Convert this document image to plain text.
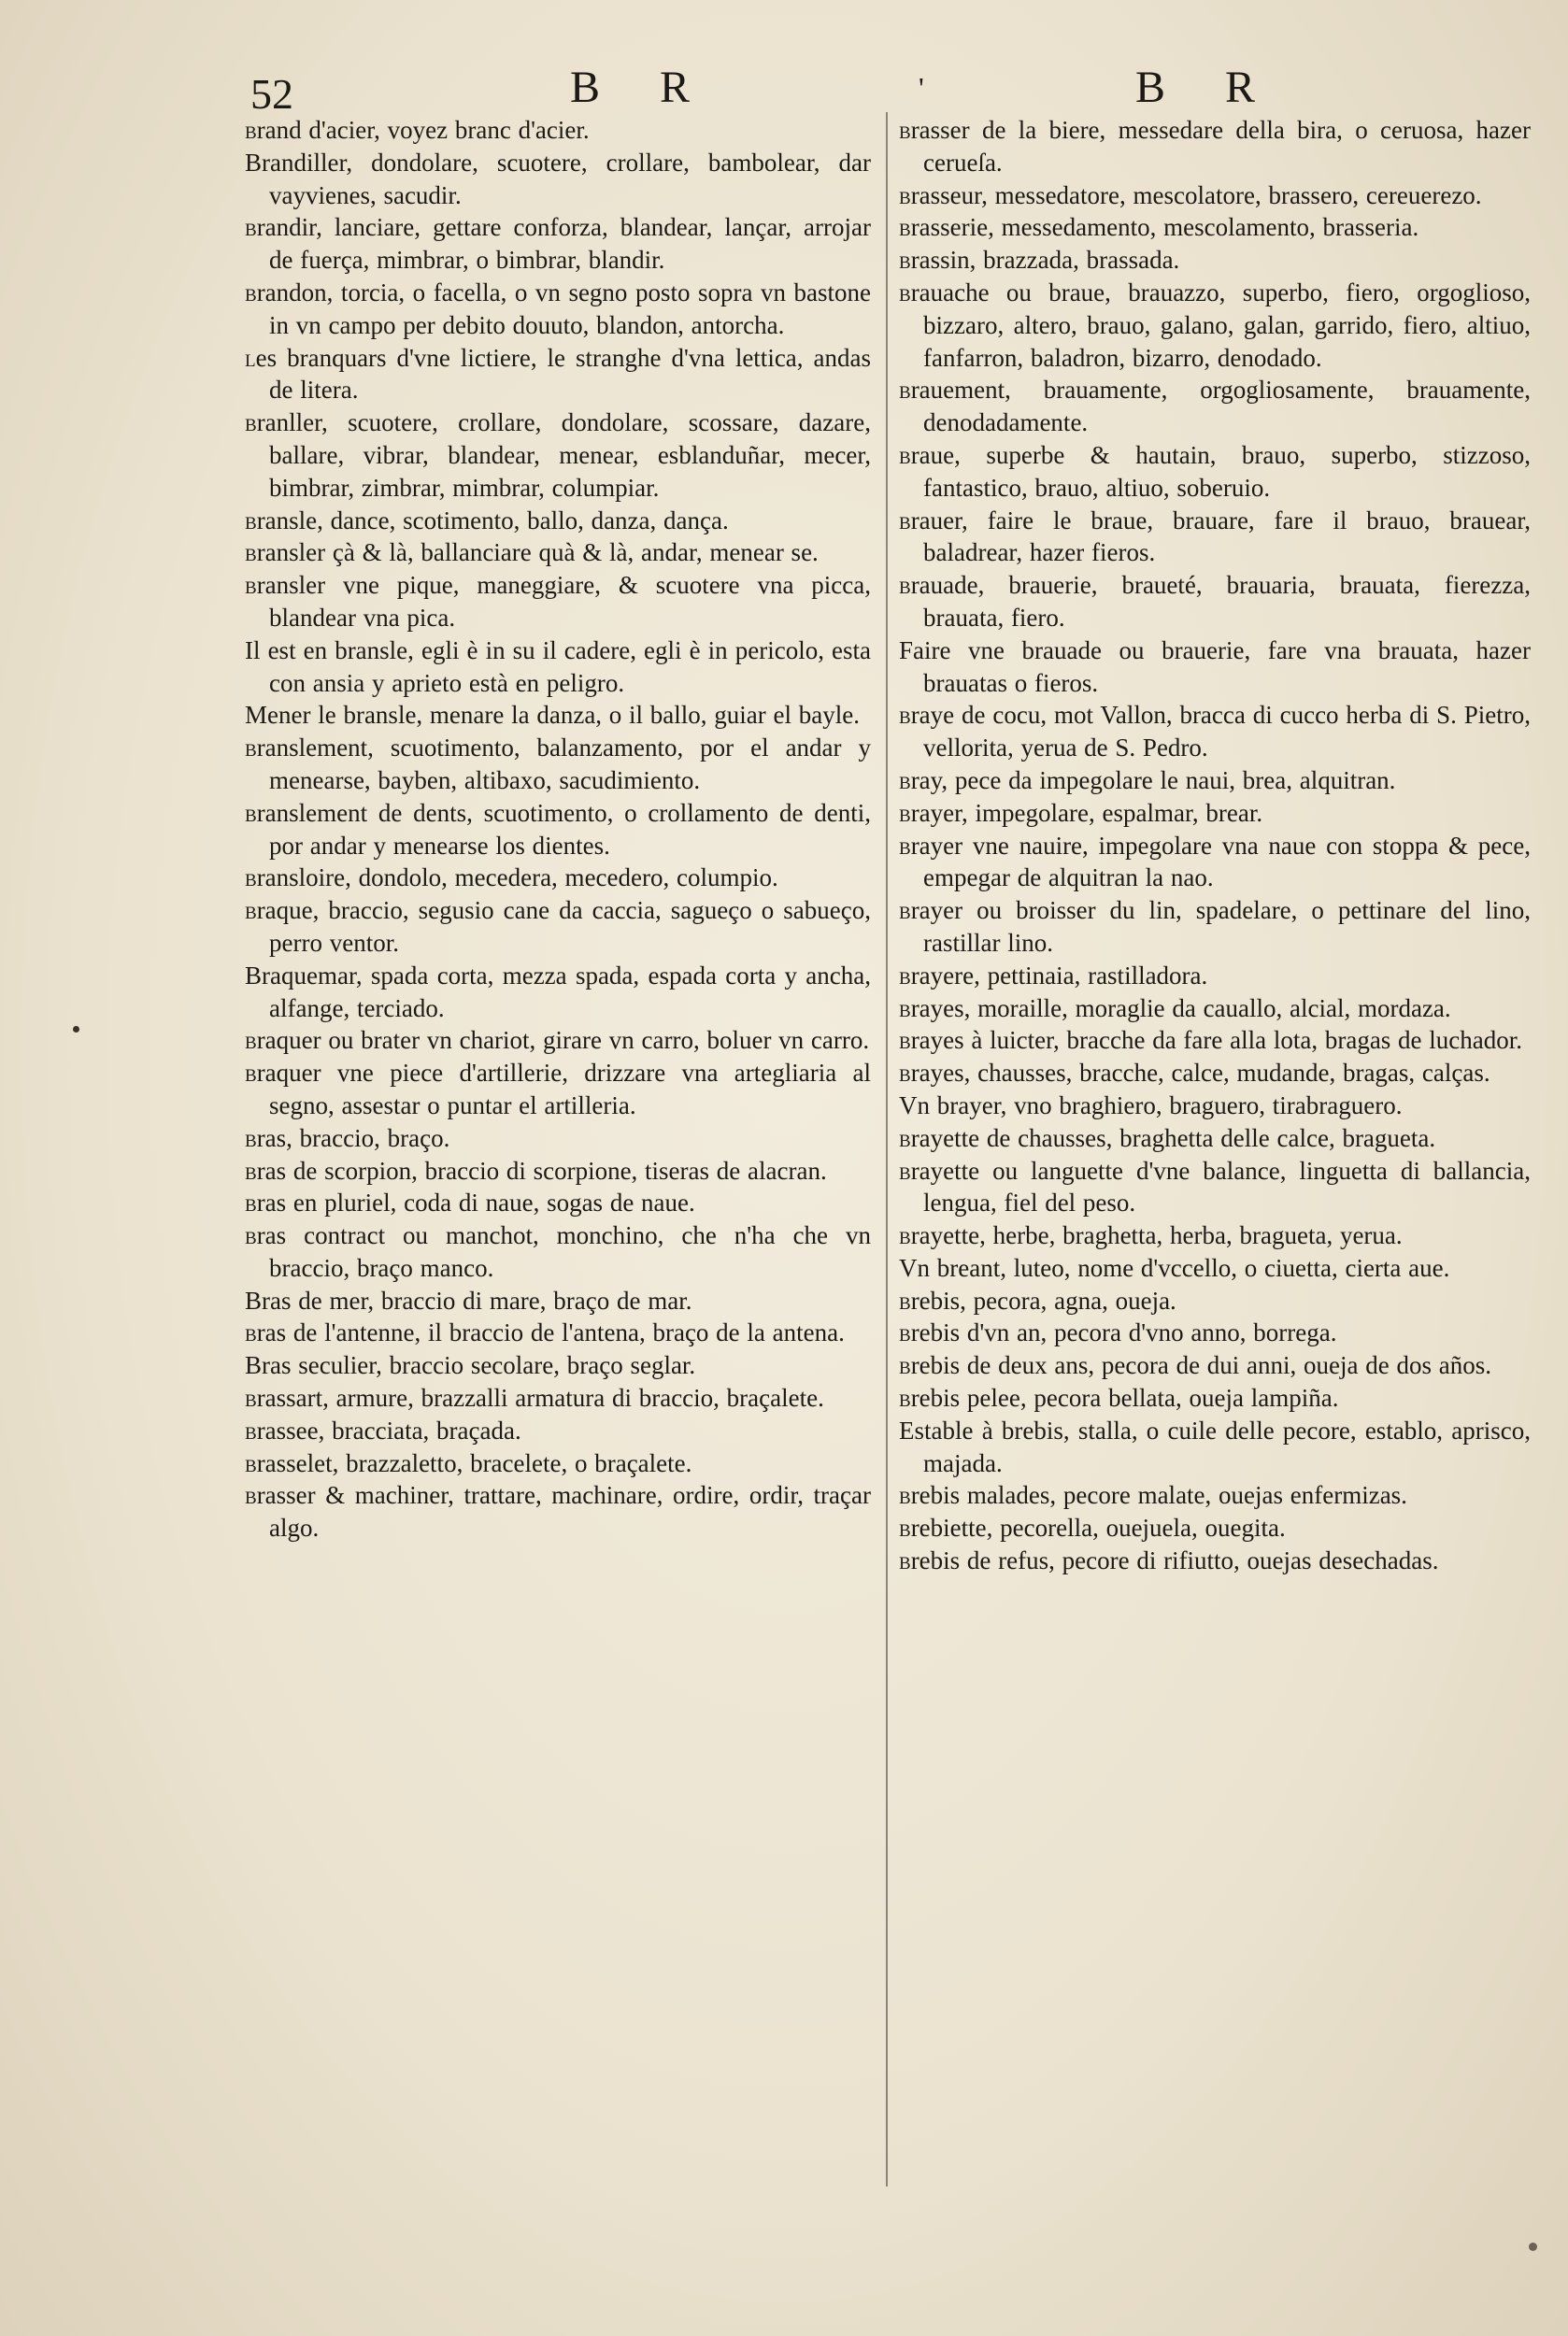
52	B R	'	B R

brand d'acier, voyez branc d'acier.

Brandiller, dondolare, scuotere, crollare, bambolear, dar vayvienes, sacudir.

brandir, lanciare, gettare conforza, blandear, lançar, arrojar de fuerça, mimbrar, o bimbrar, blandir.

brandon, torcia, o facella, o vn segno posto sopra vn bastone in vn campo per debito douuto, blandon, antorcha.

les branquars d'vne lictiere, le stranghe d'vna lettica, andas de litera.

branller, scuotere, crollare, dondolare, scossare, dazare, ballare, vibrar, blandear, menear, esblanduñar, mecer, bimbrar, zimbrar, mimbrar, columpiar.

bransle, dance, scotimento, ballo, danza, dança.

bransler çà & là, ballanciare quà & là, andar, menear se.

bransler vne pique, maneggiare, & scuotere vna picca, blandear vna pica.

Il est en bransle, egli è in su il cadere, egli è in pericolo, esta con ansia y aprieto està en peligro.

Mener le bransle, menare la danza, o il ballo, guiar el bayle.

branslement, scuotimento, balanzamento, por el andar y menearse, bayben, altibaxo, sacudimiento.

branslement de dents, scuotimento, o crollamento de denti, por andar y menearse los dientes.

bransloire, dondolo, mecedera, mecedero, columpio.

braque, braccio, segusio cane da caccia, sagueço o sabueço, perro ventor.

Braquemar, spada corta, mezza spada, espada corta y ancha, alfange, terciado.

braquer ou brater vn chariot, girare vn carro, boluer vn carro.

braquer vne piece d'artillerie, drizzare vna artegliaria al segno, assestar o puntar el artilleria.

bras, braccio, braço.

bras de scorpion, braccio di scorpione, tiseras de alacran.

bras en pluriel, coda di naue, sogas de naue.

bras contract ou manchot, monchino, che n'ha che vn braccio, braço manco.

Bras de mer, braccio di mare, braço de mar.

bras de l'antenne, il braccio de l'antena, braço de la antena.

Bras seculier, braccio secolare, braço seglar.

brassart, armure, brazzalli armatura di braccio, braçalete.

brassee, bracciata, braçada.

brasselet, brazzaletto, bracelete, o braçalete.

brasser & machiner, trattare, machinare, ordire, ordir, traçar algo.

brasser de la biere, messedare della bira, o ceruosa, hazer cerueſa.

brasseur, messedatore, mescolatore, brassero, cereuerezo.

brasserie, messedamento, mescolamento, brasseria.

brassin, brazzada, brassada.

brauache ou braue, brauazzo, superbo, fiero, orgoglioso, bizzaro, altero, brauo, galano, galan, garrido, fiero, altiuo, fanfarron, baladron, bizarro, denodado.

brauement, brauamente, orgogliosamente, brauamente, denodadamente.

braue, superbe & hautain, brauo, superbo, stizzoso, fantastico, brauo, altiuo, soberuio.

brauer, faire le braue, brauare, fare il brauo, brauear, baladrear, hazer fieros.

brauade, brauerie, braueté, brauaria, brauata, fierezza, brauata, fiero.

Faire vne brauade ou brauerie, fare vna brauata, hazer brauatas o fieros.

braye de cocu, mot Vallon, bracca di cucco herba di S. Pietro, vellorita, yerua de S. Pedro.

bray, pece da impegolare le naui, brea, alquitran.

brayer, impegolare, espalmar, brear.

brayer vne nauire, impegolare vna naue con stoppa & pece, empegar de alquitran la nao.

brayer ou broisser du lin, spadelare, o pettinare del lino, rastillar lino.

brayere, pettinaia, rastilladora.

brayes, moraille, moraglie da cauallo, alcial, mordaza.

brayes à luicter, bracche da fare alla lota, bragas de luchador.

brayes, chausses, bracche, calce, mudande, bragas, calças.

Vn brayer, vno braghiero, braguero, tirabraguero.

brayette de chausses, braghetta delle calce, bragueta.

brayette ou languette d'vne balance, linguetta di ballancia, lengua, fiel del peso.

brayette, herbe, braghetta, herba, bragueta, yerua.

Vn breant, luteo, nome d'vccello, o ciuetta, cierta aue.

brebis, pecora, agna, oueja.

brebis d'vn an, pecora d'vno anno, borrega.

brebis de deux ans, pecora de dui anni, oueja de dos años.

brebis pelee, pecora bellata, oueja lampiña.

Estable à brebis, stalla, o cuile delle pecore, establo, aprisco, majada.

brebis malades, pecore malate, ouejas enfermizas.

brebiette, pecorella, ouejuela, ouegita.

brebis de refus, pecore di rifiutto, ouejas desechadas.
